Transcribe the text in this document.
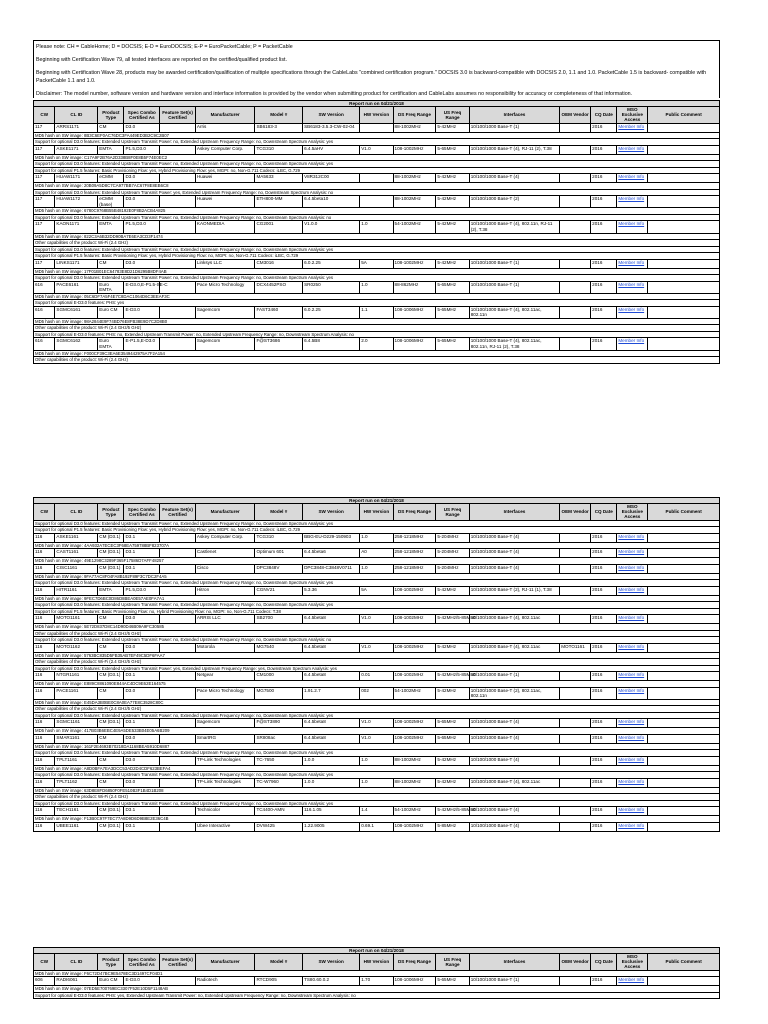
Please note: CH = CableHome; D = DOCSIS; E-D = EuroDOCSIS; E-P = EuroPacketCable; P = PacketCable

Beginning with Certification Wave 79, all tested interfaces are reported on the certified/qualified product list.

Beginning with Certification Wave 28, products may be awarded certification/qualification of multiple specifications through the CableLabs "combined certification program." DOCSIS 3.0 is backward-compatible with DOCSIS 2.0, 1.1 and 1.0. PacketCable 1.5 is backward- compatible with PacketCable 1.1 and 1.0.

Disclaimer: The model number, software version and hardware version and interface information is provided by the vendor when submitting product for certification and CableLabs assumes no responsibility for accuracy or completeness of that information.

Report run on 04/21/2018															
CW	CL ID	Product Type	Spec Combo Certified As	Feature Set(s) Certified	Manufacturer	Model #	SW Version	HW Version	DS Freq Range	US Freq Range	Interfaces	OEM Vendor	CQ Date	MSO Exclusive Access	Public Comment
117	ARRS1171	CM	D3.0		Arris	SB6183-3	SB6183-3.5.3-CW-02-04		88-1002MHz	5-42MHz	10/100/1000 Base-T (1)		2016	Member Info	
MD5 hash on SW image: 8B3C6EF0AC76DC3FA449ED3B2C9C2B07															
Support for optional D3.0 features: Extended Upstream Transmit Power: no, Extended Upstream Frequency Range: no, Downstream Spectrum Analysis: yes															
117	ASKE1171	EMTA	P1.5,D3.0		Askey Computer Corp.	TCG310	6.4.5aHV	V1.0	108-1002MHz	5-65MHz	10/100/1000 Base-T (4), RJ-11 (2), T.38		2016	Member Info	
MD5 hash on SW image: C17A9F2B76A2D338B8F0E8B5F74E0EC2															
Support for optional D3.0 features: Extended Upstream Transmit Power: no, Extended Upstream Frequency Range: no, Downstream Spectrum Analysis: yes															
Support for optional P1.5 features: Basic Provisioning Flow: yes, Hybrid Provisioning Flow: yes, MGPI: no, Non-G.711 Codecs: iLBC, G.729															
117	HUAW1171	eCMM	D3.0		Huawei	MA5633	V8R312C00		88-1002MHz	5-42MHz	10/100/1000 Base-T (4)		2016	Member Info	
MD5 hash on SW image: 20B09A5D8C7CA977BB7AC67F8E8EB6C8															
Support for optional D3.0 features: Extended Upstream Transmit Power: yes, Extended Upstream Frequency Range: no, Downstream Spectrum Analysis: no															
117	HUAW1172	eCMM (base)	D3.0		Huawei	ETH800-MM	6.4.5beta10		88-1002MHz	5-42MHz	10/100/1000 Base-T (2)		2016	Member Info	
MD5 hash on SW image: 6780C9768B55B48192E0F8B2ACB4A825															
Support for optional D3.0 features: Extended Upstream Transmit Power: no, Extended Upstream Frequency Range: no, Downstream Spectrum Analysis: no															
117	KAON1171	EMTA	P1.5,D3.0		KAONMEDIA	CG2001	V1.0.0	1.0	54-1002MHz	5-42MHz	10/100/1000 Base-T (4), 802.11n, RJ-11 (2), T.38		2016	Member Info	
MD5 hash on SW image: 822C3A6B32DD90BA7E6EA3CD3F1474															
Other capabilities of the product: Wi-Fi (2.4 GHz)															
Support for optional D3.0 features: Extended Upstream Transmit Power: no, Extended Upstream Frequency Range: no, Downstream Spectrum Analysis: yes															
Support for optional P1.5 features: Basic Provisioning Flow: yes, Hybrid Provisioning Flow: no, MGPI: no, Non-G.711 Codecs: iLBC, G.729															
117	LINKS1171	CM	D3.0		Linksys LLC	CM3016	6.0.2.25	5A	108-1002MHz	5-42MHz	10/100/1000 Base-T (1)		2016	Member Info	
MD5 hash on SW image: 17F01B01EC64783E8D21D6295B8DF4AB															
Support for optional D3.0 features: Extended Upstream Transmit Power: no, Extended Upstream Frequency Range: no, Downstream Spectrum Analysis: yes															
616	PACE6161	Euro EMTA	E-D3.0,E-P1.5-SE-C		Pace Micro Technology	DCX4452PSO	SR0250	1.0	88-862MHz	5-65MHz	10/100/1000 Base-T (1)		2016	Member Info	
MD5 hash on SW image: 05C6DF7A5F4E7C8DAC1064D6C3EEAF3C															
Support for optional E-D3.0 features: PHS: yes															
616	SGMC6161	Euro CM	E-D3.0		Sagemcom	FAST3460	6.0.2.25	1.1	108-1006MHz	5-65MHz	10/100/1000 Base-T (4), 802.11ac, 802.11n		2016	Member Info	
MD5 hash on SW image: 98A2844E9F74BD76E8FB38E9D7C2D8B0															
Other capabilities of the product: Wi-Fi (2.4 GHz/5 GHz)															
Support for optional E-D3.0 features: PHS: no, Extended Upstream Transmit Power: no, Extended Upstream Frequency Range: no, Downstream Spectrum Analysis: no															
616	SGMC6162	Euro EMTA	E-P1.5,E-D3.0		Sagemcom	F@ST3686	6.4.5B8	2.0	108-1006MHz	5-65MHz	10/100/1000 Base-T (4), 802.11ac, 802.11n, RJ-11 (2), T.38		2016	Member Info	
MD5 hash on SW image: F000CF39C3EA6E3549442975A7F2A154															
Other capabilities of the product: Wi-Fi (2.4 GHz)															
Report run on 04/21/2018															
CW	CL ID	Product Type	Spec Combo Certified As	Feature Set(s) Certified	Manufacturer	Model #	SW Version	HW Version	DS Freq Range	US Freq Range	Interfaces	OEM Vendor	CQ Date	MSO Exclusive Access	Public Comment
Support for optional D3.0 features: Extended Upstream Transmit Power: no, Extended Upstream Frequency Range: no, Downstream Spectrum Analysis: yes															
Support for optional P1.5 features: Basic Provisioning Flow: yes, Hybrid Provisioning Flow: yes, MGPI: no, Non-G.711 Codecs: iLBC, G.729															
116	ASKE1161	CM (D3.1)	D3.1		Askey Computer Corp.	TCG310	BBG-EU-D229-150903	1.0	258-1218MHz	5-204MHz	10/100/1000 Base-T (4)		2016	Member Info	
MD5 hash on SW image: 4AA932A7ECEC3F68EA759788BF823707A															
116	CAST1161	CM (D3.1)	D3.1		Castlenet	Optimum 601	6.4.5beta6	A0	258-1218MHz	5-204MHz	10/100/1000 Base-T (4)		2016	Member Info	
MD5 hash on SW image: 49E1298C3289F365F17586D7AFF48257															
116	CISC1161	CM (D3.1)	D3.1		Cisco	DPC3848V	DPC3848-C3848V0711	1.0	258-1218MHz	5-204MHz	10/100/1000 Base-T (4)		2016	Member Info	
MD5 hash on SW image: 9FA77AC8F04FA8B192F89F3C7DC2F4A5															
Support for optional D3.0 features: Extended Upstream Transmit Power: no, Extended Upstream Frequency Range: no, Downstream Spectrum Analysis: yes															
116	HITR1161	EMTA	P1.5,D3.0		Hitron	CGNV21	5.3.36	5A	108-1002MHz	5-42MHz	10/100/1000 Base-T (2), RJ-11 (1), T.38		2016	Member Info	
MD5 hash on SW image: 9FEC7D6BC0D86D8BEA0E57AE0FA7A1															
Support for optional D3.0 features: Extended Upstream Transmit Power: no, Extended Upstream Frequency Range: no, Downstream Spectrum Analysis: yes															
Support for optional P1.5 features: Basic Provisioning Flow: no, Hybrid Provisioning Flow: no, MGPI: no, Non-G.711 Codecs: T.38															
116	MOTO1161	CM	D3.0		ARRIS LLC	SB2700	6.4.5beta8	V1.0	108-1002MHz	5-42MHz/5-85MHz	10/100/1000 Base-T (4), 802.11ac		2016	Member Info	
MD5 hash on SW image: 5E72D837D8C14D90D46B09A9FC30585															
Other capabilities of the product: Wi-Fi (2.4 GHz/5 GHz)															
Support for optional D3.0 features: Extended Upstream Transmit Power: no, Extended Upstream Frequency Range: no, Downstream Spectrum Analysis: no															
116	MOTO1162	CM	D3.0		Motorola	MG7540	6.4.5beta8	V1.0	108-1002MHz	5-42MHz	10/100/1000 Base-T (4), 802.11ac	MOTO1161	2016	Member Info	
MD5 hash on SW image: 5763BC835D5FB35AB7EF49C5DF6FAA7															
Other capabilities of the product: Wi-Fi (2.4 GHz/5 GHz)															
Support for optional D3.0 features: Extended Upstream Transmit Power: yes, Extended Upstream Frequency Range: yes, Downstream Spectrum Analysis: yes															
116	NTGR1161	CM (D3.1)	D3.1		Netgear	CM1000	6.4.5beta8	0.01	108-1002MHz	5-42MHz/5-85MHz	10/100/1000 Base-T (1)		2016	Member Info	
MD5 hash on SW image: E889C8861090E844AC4DC9E62E164575															
116	PACE1161	CM	D3.0		Pace Micro Technology	MG7500	1.91.2.7	002	54-1002MHz	5-42MHz	10/100/1000 Base-T (2), 802.11ac, 802.11n		2016	Member Info	
MD5 hash on SW image: E45DA3B0BE0C8A0EA77E8C3528C80C															
Other capabilities of the product: Wi-Fi (2.4 GHz/5 GHz)															
Support for optional D3.0 features: Extended Upstream Transmit Power: no, Extended Upstream Frequency Range: no, Downstream Spectrum Analysis: yes															
116	SGMC1161	CM (D3.1)	D3.1		Sagemcom	F@ST3890	6.4.5beta8	V1.0	108-1002MHz	5-65MHz	10/100/1000 Base-T (4)		2016	Member Info	
MD5 hash on SW image: 417B03B6EBC4E9A5DE533B04E05A6B209															
116	SMAR1161	CM	D3.0		SmartRG	SR808ac	6.4.5beta8	V1.0	108-1002MHz	5-65MHz	10/100/1000 Base-T (4)		2016	Member Info	
MD5 hash on SW image: 161F2E4693B70218DA1168BEA5910D6887															
Support for optional D3.0 features: Extended Upstream Transmit Power: no, Extended Upstream Frequency Range: no, Downstream Spectrum Analysis: yes															
116	TPLT1161	CM	D3.0		TP-Link Technologies	TC-7650	1.0.0	1.0	88-1002MHz	5-42MHz	10/100/1000 Base-T (4)		2016	Member Info	
MD5 hash on SW image: A8D0BFA7EA3DCC53AD2D4CDF623BEFA4															
Support for optional D3.0 features: Extended Upstream Transmit Power: no, Extended Upstream Frequency Range: no, Downstream Spectrum Analysis: yes															
116	TPLT1162	CM	D3.0		TP-Link Technologies	TC-W7960	1.0.0	1.0	88-1002MHz	5-42MHz	10/100/1000 Base-T (4), 802.11ac		2016	Member Info	
MD5 hash on SW image: 63D8E8FD6850F0FE510B3F1B4D1B208															
Other capabilities of the product: Wi-Fi (2.4 GHz)															
Support for optional D3.0 features: Extended Upstream Transmit Power: no, Extended Upstream Frequency Range: no, Downstream Spectrum Analysis: yes															
116	TECH1161	CM (D3.1)	D3.1		Technicolor	TC4400-AMN	116.1.05	1.4	54-1002MHz	5-42MHz/5-85MHz	10/100/1000 Base-T (4)		2016	Member Info	
MD5 hash on SW image: F13B0C97F7EC77A8D9D6D9B8E2E36C4B															
116	UBEE1161	CM (D3.1)	D3.1		Ubee Interactive	DVW425	1.22.9005	0.69.1	108-1002MHz	5-85MHz	10/100/1000 Base-T (4)		2016	Member Info	
Report run on 04/21/2018															
CW	CL ID	Product Type	Spec Combo Certified As	Feature Set(s) Certified	Manufacturer	Model #	SW Version	HW Version	DS Freq Range	US Freq Range	Interfaces	OEM Vendor	CQ Date	MSO Exclusive Access	Public Comment
MD5 hash on SW image: F6C72D47BC9E5478EC3D1497CF04D1															
606	RADI6061	Euro CM	E-D3.0		Radiotech	RTCD905	TS80.60.0.2	1.70	108-1006MHz	5-65MHz	10/100/1000 Base-T (1)		2016	Member Info	
MD5 hash on SW image: 07ED5E700769EC3307F52E10D5F1148AB															
Support for optional E-D3.0 features: PHS: yes, Extended Upstream Transmit Power: no, Extended Upstream Frequency Range: no, Downstream Spectrum Analysis: no															
